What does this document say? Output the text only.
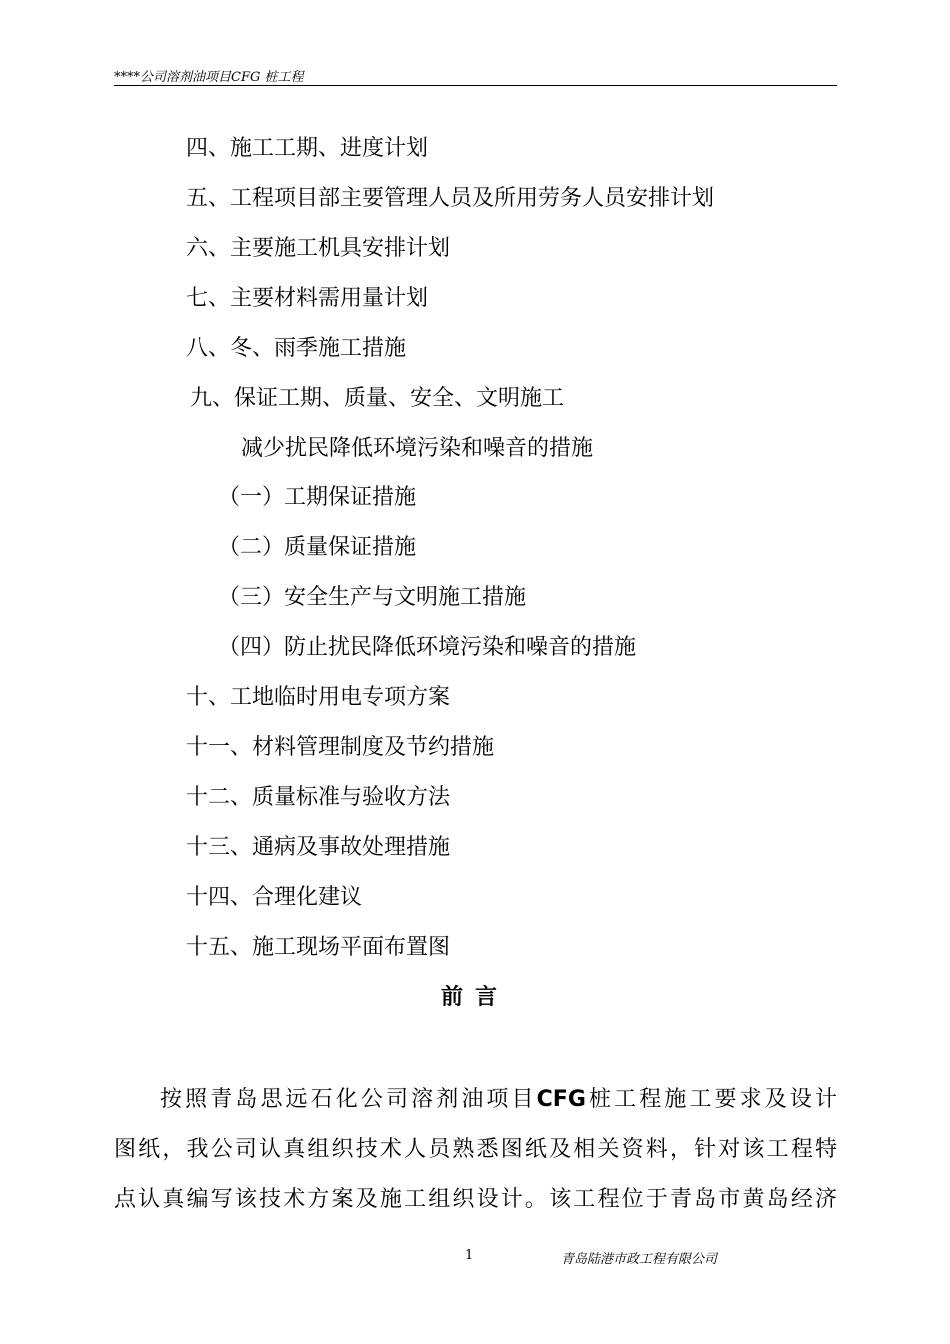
****公司溶剂油项目CFG 桩工程
四、施工工期、进度计划
五、工程项目部主要管理人员及所用劳务人员安排计划
六、主要施工机具安排计划
七、主要材料需用量计划
八、冬、雨季施工措施
九、保证工期、质量、安全、文明施工
减少扰民降低环境污染和噪音的措施
（一）工期保证措施
（二）质量保证措施
（三）安全生产与文明施工措施
（四）防止扰民降低环境污染和噪音的措施
十、工地临时用电专项方案
十一、材料管理制度及节约措施
十二、质量标准与验收方法
十三、通病及事故处理措施
十四、合理化建议
十五、施工现场平面布置图
前言
按照青岛思远石化公司溶剂油项目CFG桩工程施工要求及设计
图纸，我公司认真组织技术人员熟悉图纸及相关资料，针对该工程特
点认真编写该技术方案及施工组织设计。该工程位于青岛市黄岛经济
1	青岛陆港市政工程有限公司
